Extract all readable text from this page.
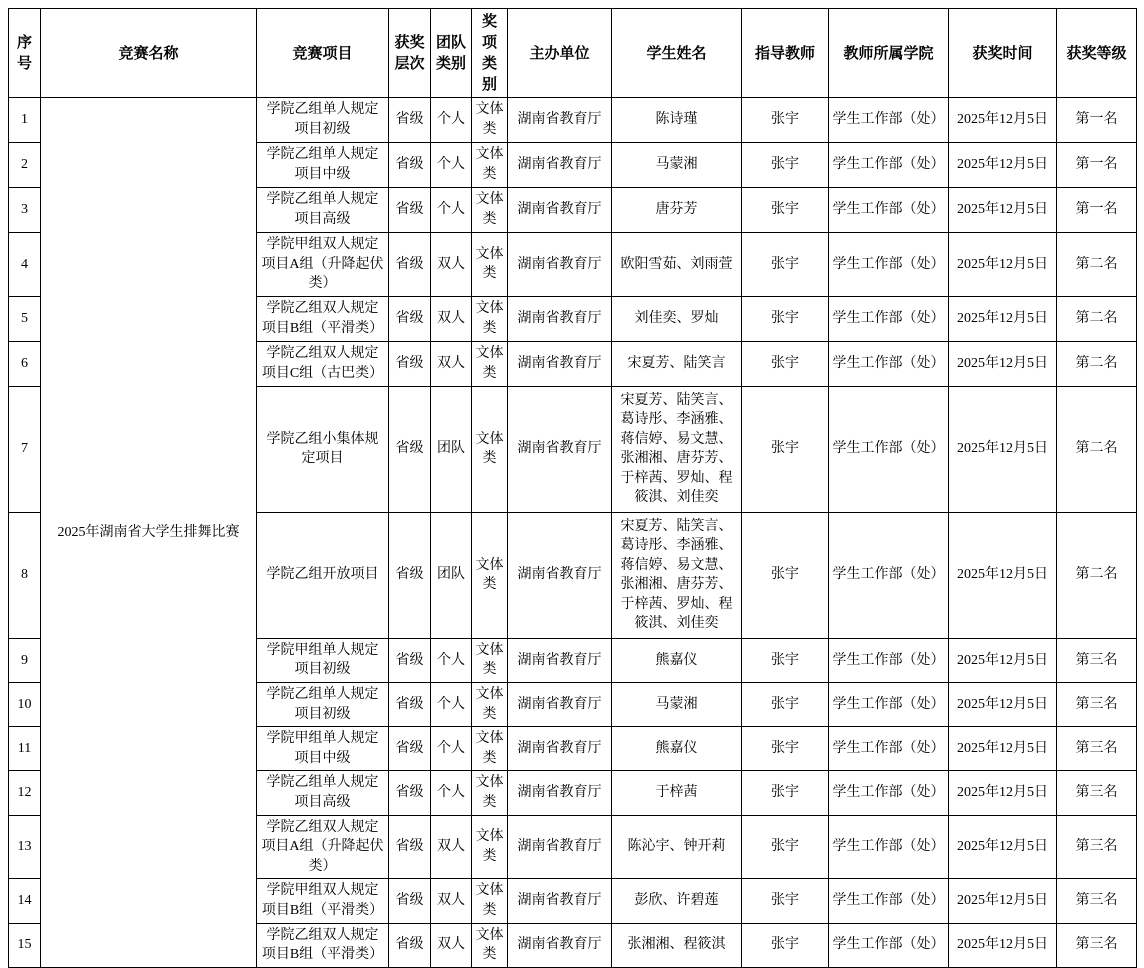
序号	竞赛名称	竞赛项目	获奖层次	团队类别	奖项类别	主办单位	学生姓名	指导教师	教师所属学院	获奖时间	获奖等级
1	2025年湖南省大学生排舞比赛	学院乙组单人规定项目初级	省级	个人	文体类	湖南省教育厅	陈诗瑾	张宇	学生工作部（处）	2025年12月5日	第一名
2		学院乙组单人规定项目中级	省级	个人	文体类	湖南省教育厅	马蒙湘	张宇	学生工作部（处）	2025年12月5日	第一名
3		学院乙组单人规定项目高级	省级	个人	文体类	湖南省教育厅	唐芬芳	张宇	学生工作部（处）	2025年12月5日	第一名
4		学院甲组双人规定项目A组（升降起伏类）	省级	双人	文体类	湖南省教育厅	欧阳雪茹、刘雨萱	张宇	学生工作部（处）	2025年12月5日	第二名
5		学院乙组双人规定项目B组（平滑类）	省级	双人	文体类	湖南省教育厅	刘佳奕、罗灿	张宇	学生工作部（处）	2025年12月5日	第二名
6		学院乙组双人规定项目C组（古巴类）	省级	双人	文体类	湖南省教育厅	宋夏芳、陆笑言	张宇	学生工作部（处）	2025年12月5日	第二名
7		学院乙组小集体规定项目	省级	团队	文体类	湖南省教育厅	宋夏芳、陆笑言、葛诗彤、李涵雅、蒋信婷、易文慧、张湘湘、唐芬芳、于梓茜、罗灿、程筱淇、刘佳奕	张宇	学生工作部（处）	2025年12月5日	第二名
8		学院乙组开放项目	省级	团队	文体类	湖南省教育厅	宋夏芳、陆笑言、葛诗彤、李涵雅、蒋信婷、易文慧、张湘湘、唐芬芳、于梓茜、罗灿、程筱淇、刘佳奕	张宇	学生工作部（处）	2025年12月5日	第二名
9		学院甲组单人规定项目初级	省级	个人	文体类	湖南省教育厅	熊嘉仪	张宇	学生工作部（处）	2025年12月5日	第三名
10		学院乙组单人规定项目初级	省级	个人	文体类	湖南省教育厅	马蒙湘	张宇	学生工作部（处）	2025年12月5日	第三名
11		学院甲组单人规定项目中级	省级	个人	文体类	湖南省教育厅	熊嘉仪	张宇	学生工作部（处）	2025年12月5日	第三名
12		学院乙组单人规定项目高级	省级	个人	文体类	湖南省教育厅	于梓茜	张宇	学生工作部（处）	2025年12月5日	第三名
13		学院乙组双人规定项目A组（升降起伏类）	省级	双人	文体类	湖南省教育厅	陈沁宇、钟开莉	张宇	学生工作部（处）	2025年12月5日	第三名
14		学院甲组双人规定项目B组（平滑类）	省级	双人	文体类	湖南省教育厅	彭欣、许碧莲	张宇	学生工作部（处）	2025年12月5日	第三名
15		学院乙组双人规定项目B组（平滑类）	省级	双人	文体类	湖南省教育厅	张湘湘、程筱淇	张宇	学生工作部（处）	2025年12月5日	第三名
